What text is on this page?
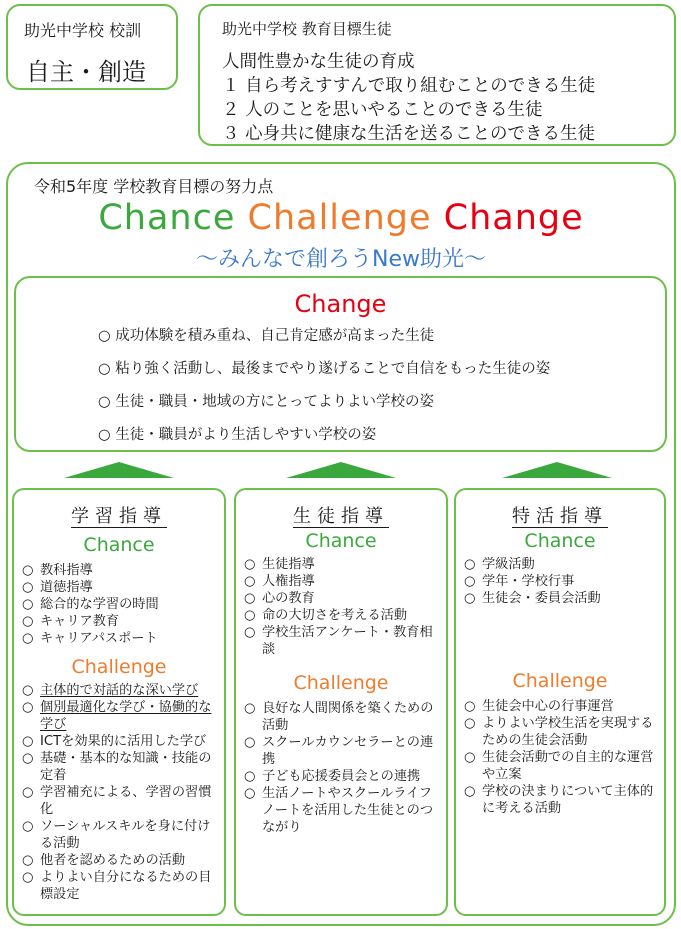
助光中学校 校訓
自主・創造
助光中学校 教育目標生徒
人間性豊かな生徒の育成
１ 自ら考えすすんで取り組むことのできる生徒
２ 人のことを思いやることのできる生徒
３ 心身共に健康な生活を送ることのできる生徒
令和5年度 学校教育目標の努力点
Chance Challenge Change
～みんなで創ろうNew助光～
Change
○ 成功体験を積み重ね、自己肯定感が高まった生徒
○ 粘り強く活動し、最後までやり遂げることで自信をもった生徒の姿
○ 生徒・職員・地域の方にとってよりよい学校の姿
○ 生徒・職員がより生活しやすい学校の姿
学習指導
Chance
○ 教科指導
○ 道徳指導
○ 総合的な学習の時間
○ キャリア教育
○ キャリアパスポート
Challenge
○ 主体的で対話的な深い学び
○ 個別最適化な学び・協働的な学び
○ ICTを効果的に活用した学び
○ 基礎・基本的な知識・技能の定着
○ 学習補充による、学習の習慣化
○ ソーシャルスキルを身に付ける活動
○ 他者を認めるための活動
○ よりよい自分になるための目標設定
生徒指導
Chance
○ 生徒指導
○ 人権指導
○ 心の教育
○ 命の大切さを考える活動
○ 学校生活アンケート・教育相談
Challenge
○ 良好な人間関係を築くための活動
○ スクールカウンセラーとの連携
○ 子ども応援委員会との連携
○ 生活ノートやスクールライフノートを活用した生徒とのつながり
特活指導
Chance
○ 学級活動
○ 学年・学校行事
○ 生徒会・委員会活動
Challenge
○ 生徒会中心の行事運営
○ よりよい学校生活を実現するための生徒会活動
○ 生徒会活動での自主的な運営や立案
○ 学校の決まりについて主体的に考える活動
